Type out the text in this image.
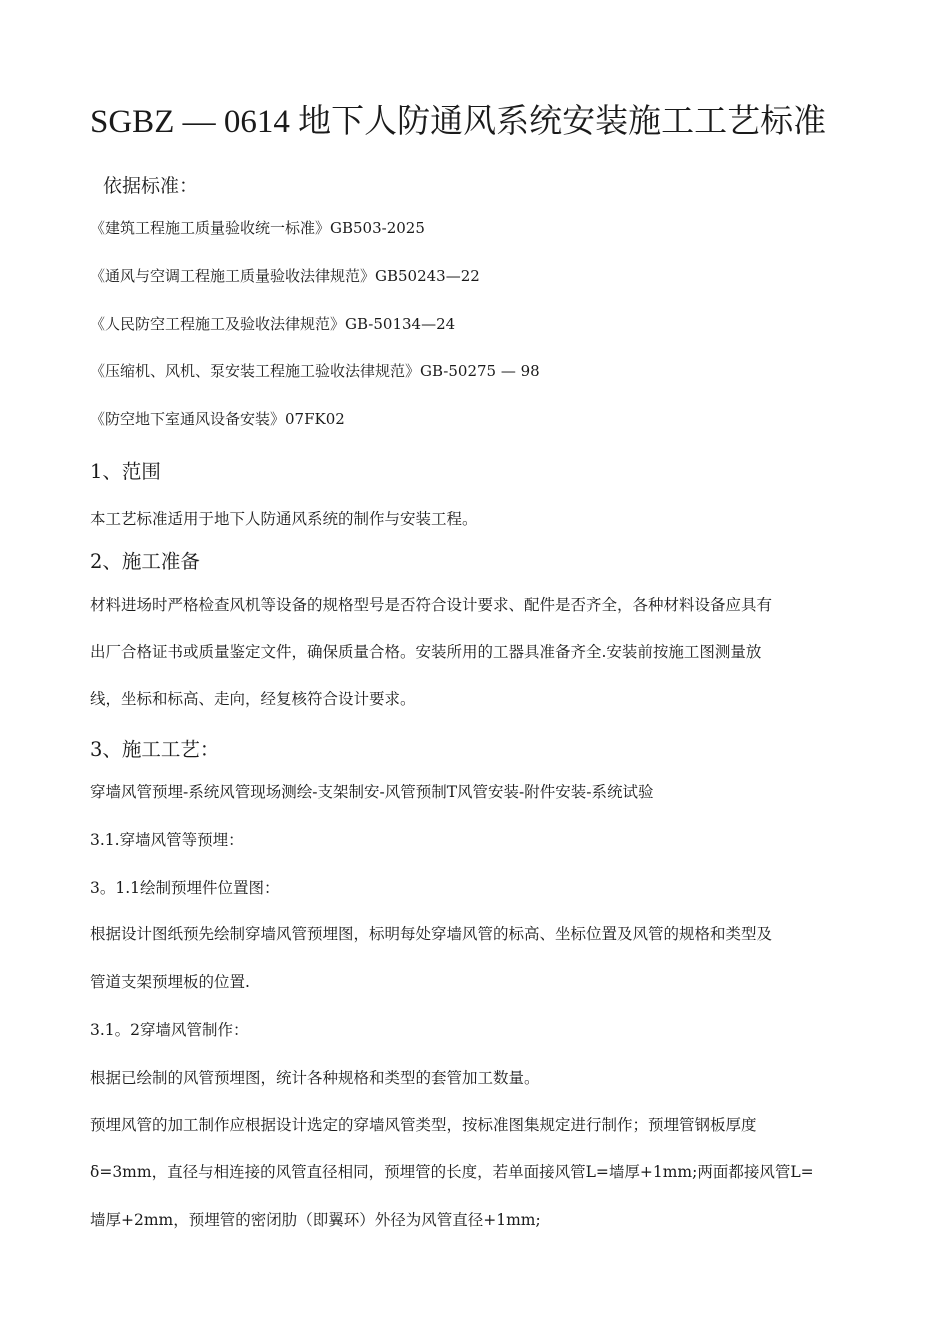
SGBZ — 0614 地下人防通风系统安装施工工艺标准
依据标准：
《建筑工程施工质量验收统一标准》GB503-2025
《通风与空调工程施工质量验收法律规范》GB50243—22
《人民防空工程施工及验收法律规范》GB-50134—24
《压缩机、风机、泵安装工程施工验收法律规范》GB-50275 — 98
《防空地下室通风设备安装》07FK02
1、范围
本工艺标准适用于地下人防通风系统的制作与安装工程。
2、施工准备
材料进场时严格检查风机等设备的规格型号是否符合设计要求、配件是否齐全，各种材料设备应具有
出厂合格证书或质量鉴定文件，确保质量合格。安装所用的工器具准备齐全.安装前按施工图测量放
线，坐标和标高、走向，经复核符合设计要求。
3、施工工艺：
穿墙风管预埋-系统风管现场测绘-支架制安-风管预制T风管安装-附件安装-系统试验
3.1.穿墙风管等预埋：
3。1.1绘制预埋件位置图：
根据设计图纸预先绘制穿墙风管预埋图，标明每处穿墙风管的标高、坐标位置及风管的规格和类型及
管道支架预埋板的位置.
3.1。2穿墙风管制作：
根据已绘制的风管预埋图，统计各种规格和类型的套管加工数量。
预埋风管的加工制作应根据设计选定的穿墙风管类型，按标准图集规定进行制作；预埋管钢板厚度
δ=3mm，直径与相连接的风管直径相同，预埋管的长度，若单面接风管L=墙厚+1mm;两面都接风管L=
墙厚+2mm，预埋管的密闭肋（即翼环）外径为风管直径+1mm;
